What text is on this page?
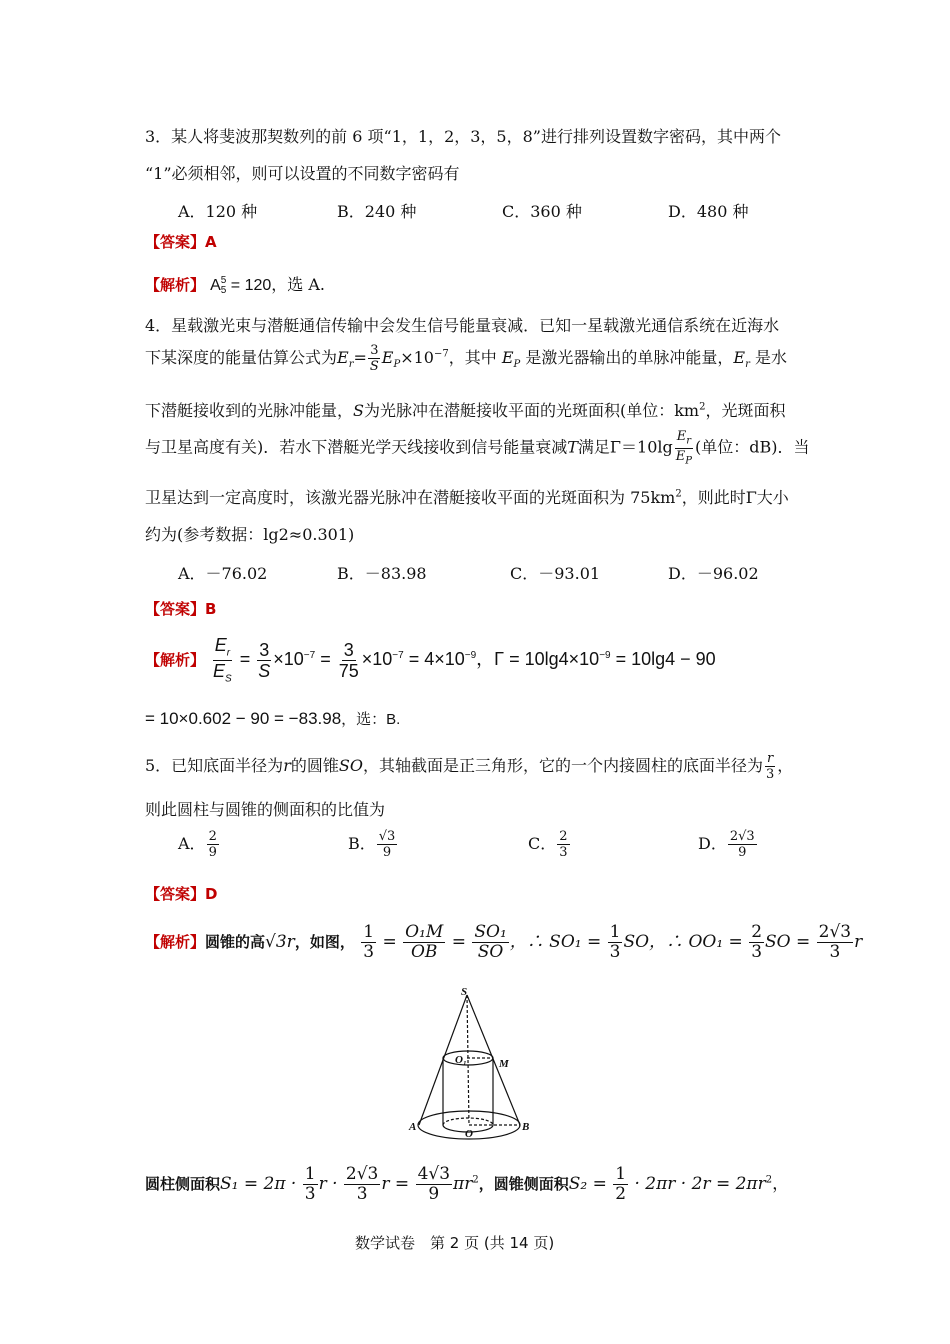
3．某人将斐波那契数列的前 6 项“1，1，2，3，5，8”进行排列设置数字密码，其中两个
“1”必须相邻，则可以设置的不同数字密码有
A．120 种	B．240 种	C．360 种	D．480 种
【答案】A
【解析】 A 5
5 = 120，选 A.
4．星载激光束与潜艇通信传输中会发生信号能量衰减．已知一星载激光通信系统在近海水
下某深度的能量估算公式为$E_r= \frac{3}{S} E_P\times 10^{-7}$，其中 $E_P$ 是激光器输出的单脉冲能量，$E_r$ 是水
下潜艇接收到的光脉冲能量，S为光脉冲在潜艇接收平面的光斑面积(单位：$km^2$，光斑面积
与卫星高度有关)．若水下潜艇光学天线接收到信号能量衰减T满足$\Gamma=10\lg \frac{E_r}{E_P}$ (单位：dB)．当
卫星达到一定高度时，该激光器光脉冲在潜艇接收平面的光斑面积为 $75km^2$，则此时Γ大小
约为(参考数据：lg2≈0.301)
A．－76.02	B．－83.98	C．－93.01	D．－96.02
【答案】B
【解析】 $\frac{E_r}{E_S} = \frac{3}{S} \times 10^{-7} = \frac{3}{75} \times 10^{-7} = 4\times 10^{-9}$，$\Gamma = 10\lg 4\times 10^{-9} = 10\lg 4 - 90$
= 10×0.602 − 90 = −83.98，选：B.
5．已知底面半径为r的圆锥SO，其轴截面是正三角形，它的一个内接圆柱的底面半径为 $\frac{r}{3}$ ，
则此圆柱与圆锥的侧面积的比值为
A． $\frac{2}{9}$	B． $\frac{√3}{9}$	C． $\frac{2}{3}$	D． $\frac{2√3}{9}$
【答案】D
【解析】圆锥的高√3r，如图， $\frac{1}{3} = \frac{\text{O₁M}}{OB} = \frac{\text{SO₁}}{SO}$ ，∴ $SO_1 = \frac{1}{3}$ SO，∴ $OO_1 = \frac{2}{3}$ SO = $\frac{2√3}{3}$ r
S
O₁	M
A	B
O
圆柱侧面积$S_1 = 2\pi \cdot \frac{1}{3}$ $r \cdot \frac{2√3}{3}$ $r = \frac{4√3}{9} \pi r^2$，圆锥侧面积$S_2 = \frac{1}{2} \cdot 2\pi r \cdot 2r = 2\pi r^2$，
数学试卷　第 2 页 (共 14 页)
